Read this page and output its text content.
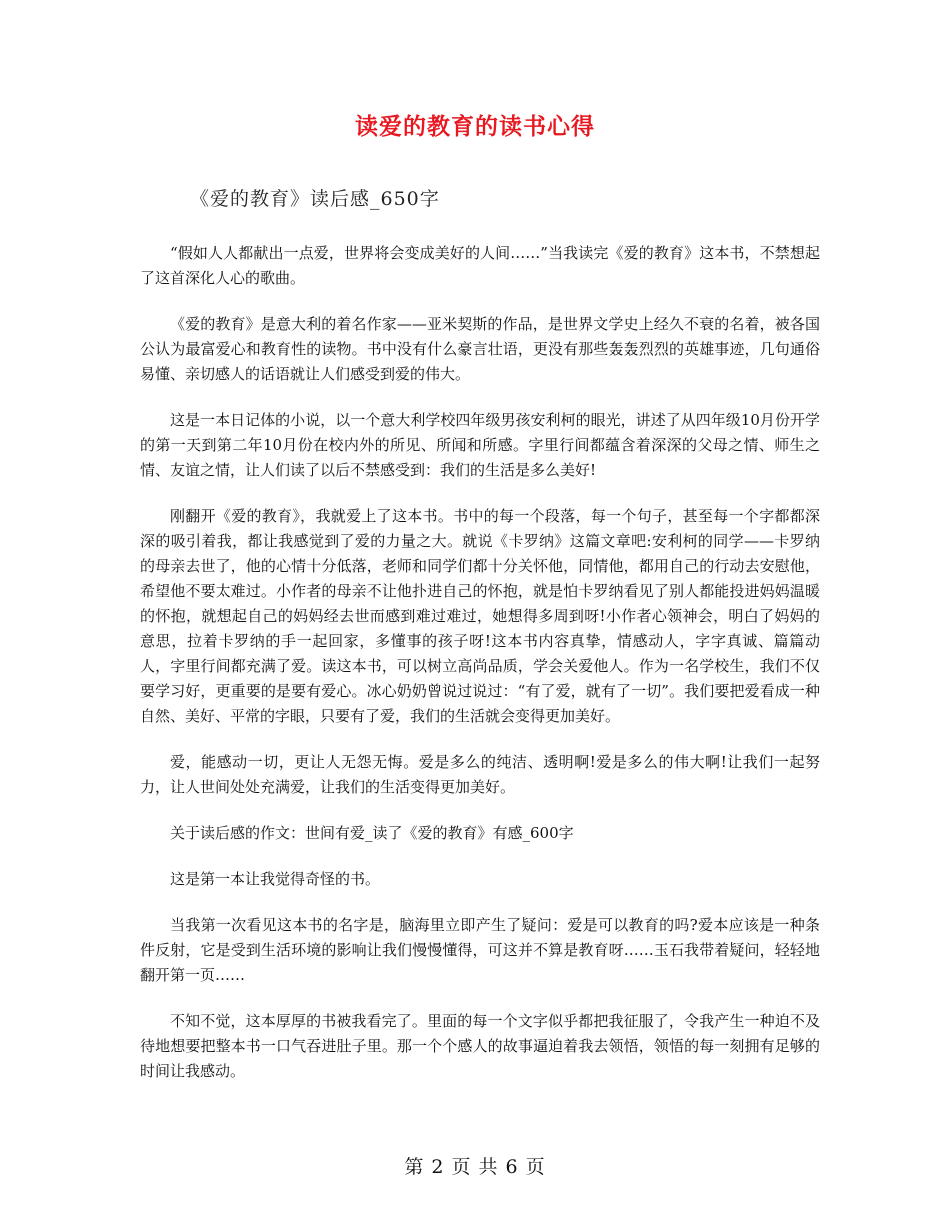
读爱的教育的读书心得
《爱的教育》读后感_650字

“假如人人都献出一点爱，世界将会变成美好的人间……”当我读完《爱的教育》这本书，不禁想起了这首深化人心的歌曲。

《爱的教育》是意大利的着名作家——亚米契斯的作品，是世界文学史上经久不衰的名着，被各国公认为最富爱心和教育性的读物。书中没有什么豪言壮语，更没有那些轰轰烈烈的英雄事迹，几句通俗易懂、亲切感人的话语就让人们感受到爱的伟大。

这是一本日记体的小说，以一个意大利学校四年级男孩安利柯的眼光，讲述了从四年级10月份开学的第一天到第二年10月份在校内外的所见、所闻和所感。字里行间都蕴含着深深的父母之情、师生之情、友谊之情，让人们读了以后不禁感受到：我们的生活是多么美好!

刚翻开《爱的教育》，我就爱上了这本书。书中的每一个段落，每一个句子，甚至每一个字都都深深的吸引着我，都让我感觉到了爱的力量之大。就说《卡罗纳》这篇文章吧:安利柯的同学——卡罗纳的母亲去世了，他的心情十分低落，老师和同学们都十分关怀他，同情他，都用自己的行动去安慰他，希望他不要太难过。小作者的母亲不让他扑进自己的怀抱，就是怕卡罗纳看见了别人都能投进妈妈温暖的怀抱，就想起自己的妈妈经去世而感到难过难过，她想得多周到呀!小作者心领神会，明白了妈妈的意思，拉着卡罗纳的手一起回家，多懂事的孩子呀!这本书内容真挚，情感动人，字字真诚、篇篇动人，字里行间都充满了爱。读这本书，可以树立高尚品质，学会关爱他人。作为一名学校生，我们不仅要学习好，更重要的是要有爱心。冰心奶奶曾说过说过：“有了爱，就有了一切”。我们要把爱看成一种自然、美好、平常的字眼，只要有了爱，我们的生活就会变得更加美好。

爱，能感动一切，更让人无怨无悔。爱是多么的纯洁、透明啊!爱是多么的伟大啊!让我们一起努力，让人世间处处充满爱，让我们的生活变得更加美好。

关于读后感的作文：世间有爱_读了《爱的教育》有感_600字

这是第一本让我觉得奇怪的书。

当我第一次看见这本书的名字是，脑海里立即产生了疑问：爱是可以教育的吗?爱本应该是一种条件反射，它是受到生活环境的影响让我们慢慢懂得，可这并不算是教育呀……玉石我带着疑问，轻轻地翻开第一页……

不知不觉，这本厚厚的书被我看完了。里面的每一个文字似乎都把我征服了，令我产生一种迫不及待地想要把整本书一口气吞进肚子里。那一个个感人的故事逼迫着我去领悟，领悟的每一刻拥有足够的时间让我感动。

第 2 页 共 6 页
